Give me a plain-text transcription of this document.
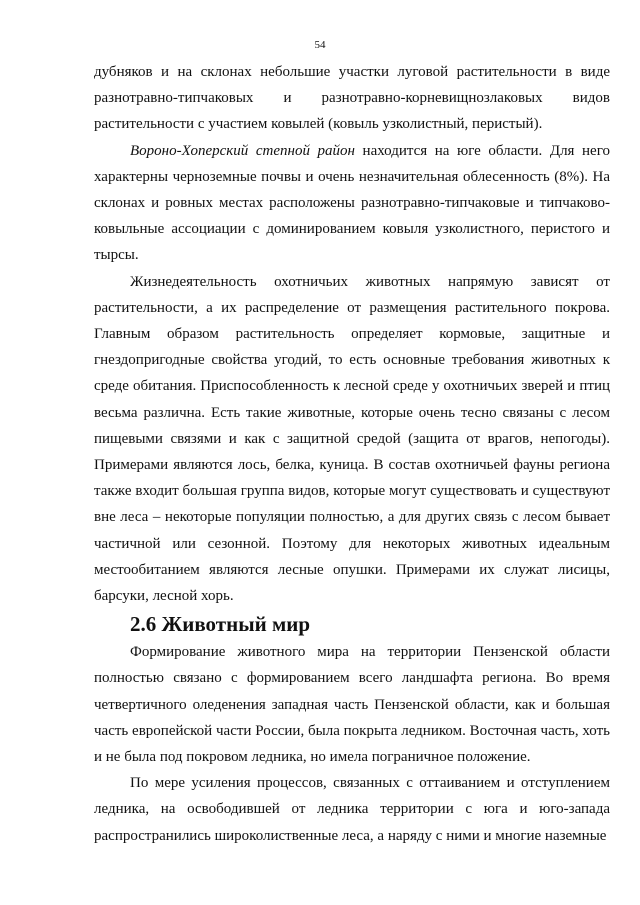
54

дубняков и на склонах небольшие участки луговой растительности в виде

разнотравно-типчаковых и разнотравно-корневищнозлаковых видов

растительности с участием ковылей (ковыль узколистный, перистый).

Вороно-Хоперский степной район находится на юге области. Для него характерны черноземные почвы и очень незначительная облесенность (8%). На склонах и ровных местах расположены разнотравно-типчаковые и типчаково-ковыльные ассоциации с доминированием ковыля узколистного, перистого и тырсы.

Жизнедеятельность охотничьих животных напрямую зависят от растительности, а их распределение от размещения растительного покрова. Главным образом растительность определяет кормовые, защитные и гнездопригодные свойства угодий, то есть основные требования животных к среде обитания. Приспособленность к лесной среде у охотничьих зверей и птиц весьма различна. Есть такие животные, которые очень тесно связаны с лесом пищевыми связями и как с защитной средой (защита от врагов, непогоды). Примерами являются лось, белка, куница. В состав охотничьей фауны региона также входит большая группа видов, которые могут существовать и существуют вне леса – некоторые популяции полностью, а для других связь с лесом бывает частичной или сезонной. Поэтому для некоторых животных идеальным местообитанием являются лесные опушки. Примерами их служат лисицы, барсуки, лесной хорь.

2.6 Животный мир

Формирование животного мира на территории Пензенской области полностью связано с формированием всего ландшафта региона. Во время четвертичного оледенения западная часть Пензенской области, как и большая часть европейской части России, была покрыта ледником. Восточная часть, хоть и не была под покровом ледника, но имела пограничное положение.

По мере усиления процессов, связанных с оттаиванием и отступлением ледника, на освободившей от ледника территории с юга и юго-запада распространились широколиственные леса, а наряду с ними и многие наземные
